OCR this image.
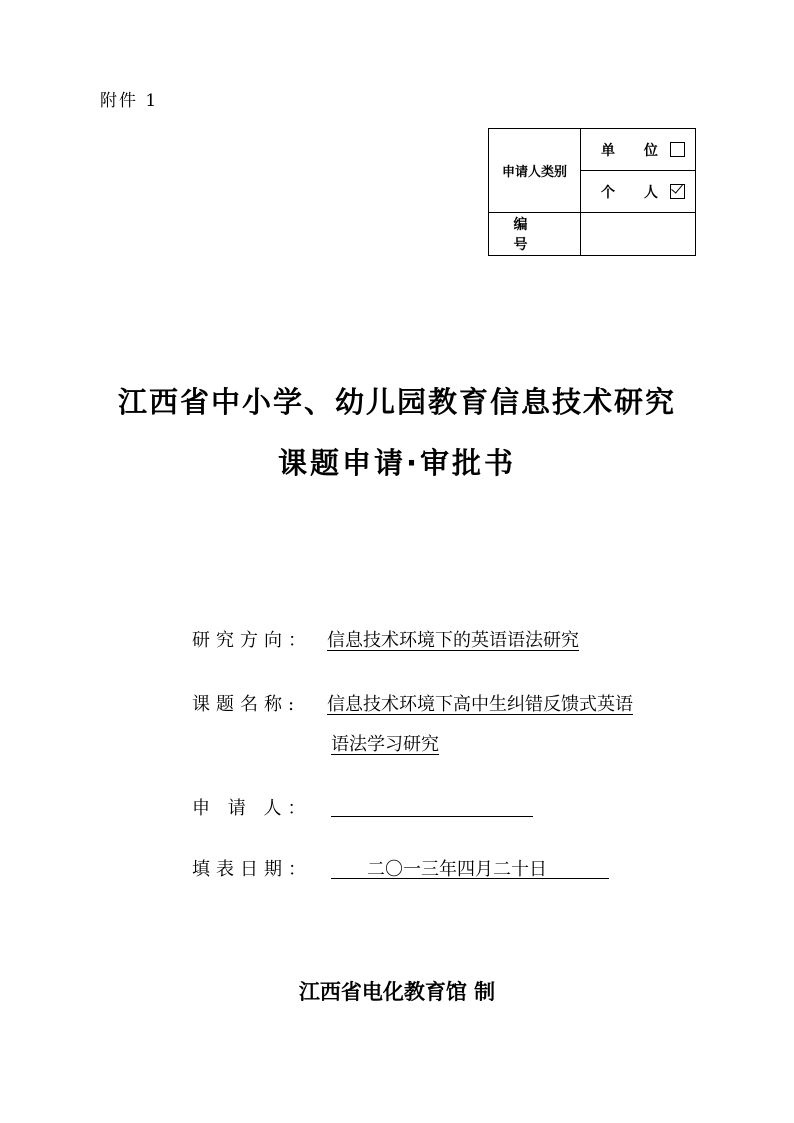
附件 1
申请人类别	单 位
	个 人
编 号	
江西省中小学、幼儿园教育信息技术研究
课题申请·审批书
研究方向： 信息技术环境下的英语语法研究
课题名称: 信息技术环境下高中生纠错反馈式英语
语法学习研究
申 请 人：
填表日期：	二〇一三年四月二十日
江西省电化教育馆 制
